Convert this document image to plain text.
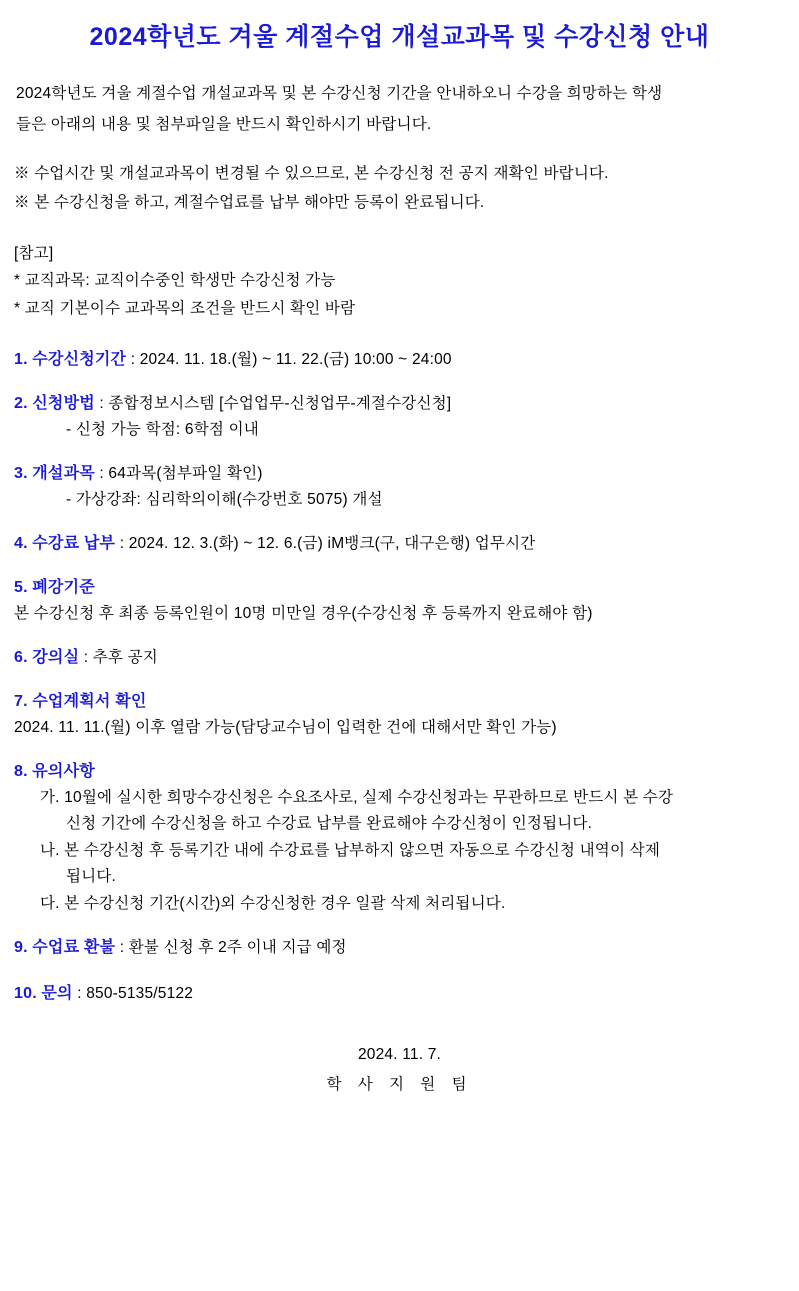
2024학년도 겨울 계절수업 개설교과목 및 수강신청 안내
2024학년도 겨울 계절수업 개설교과목 및 본 수강신청 기간을 안내하오니 수강을 희망하는 학생
들은 아래의 내용 및 첨부파일을 반드시 확인하시기 바랍니다.
※ 수업시간 및 개설교과목이 변경될 수 있으므로, 본 수강신청 전 공지 재확인 바랍니다.
※ 본 수강신청을 하고, 계절수업료를 납부 해야만 등록이 완료됩니다.
[참고]
* 교직과목: 교직이수중인 학생만 수강신청 가능
* 교직 기본이수 교과목의 조건을 반드시 확인 바람
1. 수강신청기간 : 2024. 11. 18.(월) ~ 11. 22.(금) 10:00 ~ 24:00
2. 신청방법 : 종합정보시스템 [수업업무-신청업무-계절수강신청]
- 신청 가능 학점: 6학점 이내
3. 개설과목 : 64과목(첨부파일 확인)
- 가상강좌: 심리학의이해(수강번호 5075) 개설
4. 수강료 납부 : 2024. 12. 3.(화) ~ 12. 6.(금) iM뱅크(구, 대구은행) 업무시간
5. 폐강기준
본 수강신청 후 최종 등록인원이 10명 미만일 경우(수강신청 후 등록까지 완료해야 함)
6. 강의실 : 추후 공지
7. 수업계획서 확인
2024. 11. 11.(월) 이후 열람 가능(담당교수님이 입력한 건에 대해서만 확인 가능)
8. 유의사항
가. 10월에 실시한 희망수강신청은 수요조사로, 실제 수강신청과는 무관하므로 반드시 본 수강
신청 기간에 수강신청을 하고 수강료 납부를 완료해야 수강신청이 인정됩니다.
나. 본 수강신청 후 등록기간 내에 수강료를 납부하지 않으면 자동으로 수강신청 내역이 삭제
됩니다.
다. 본 수강신청 기간(시간)외 수강신청한 경우 일괄 삭제 처리됩니다.
9. 수업료 환불 : 환불 신청 후 2주 이내 지급 예정
10. 문의 : 850-5135/5122
2024. 11. 7.
학 사 지 원 팀
